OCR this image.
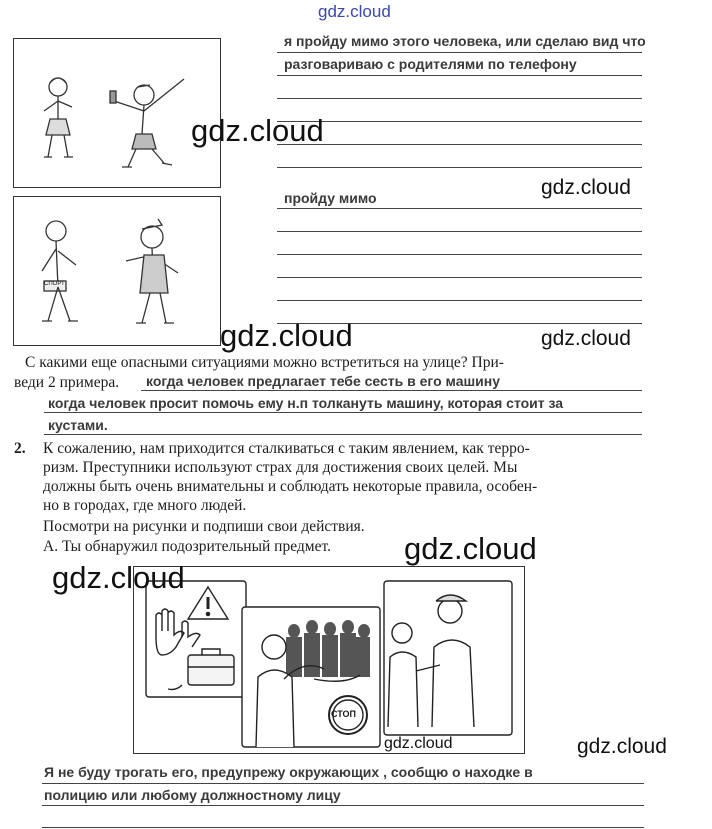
gdz.cloud
СПОРТ
я пройду мимо этого человека, или сделаю вид что
разговариваю с родителями по телефону
пройду мимо
С какими еще опасными ситуациями можно встретиться на улице? При-
веди 2 примера. когда человек предлагает тебе сесть в его машину
когда человек просит помочь ему н.п толкануть машину, которая стоит за
кустами.
2. К сожалению, нам приходится сталкиваться с таким явлением, как терро-
ризм. Преступники используют страх для достижения своих целей. Мы
должны быть очень внимательны и соблюдать некоторые правила, особен-
но в городах, где много людей.
Посмотри на рисунки и подпиши свои действия.
А. Ты обнаружил подозрительный предмет.
СТОП
Я не буду трогать его, предупрежу окружающих , сообщю о находке в
полицию или любому должностному лицу
gdz.cloud
gdz.cloud
gdz.cloud	gdz.cloud
gdz.cloud
gdz.cloud
gdz.cloud	gdz.cloud
